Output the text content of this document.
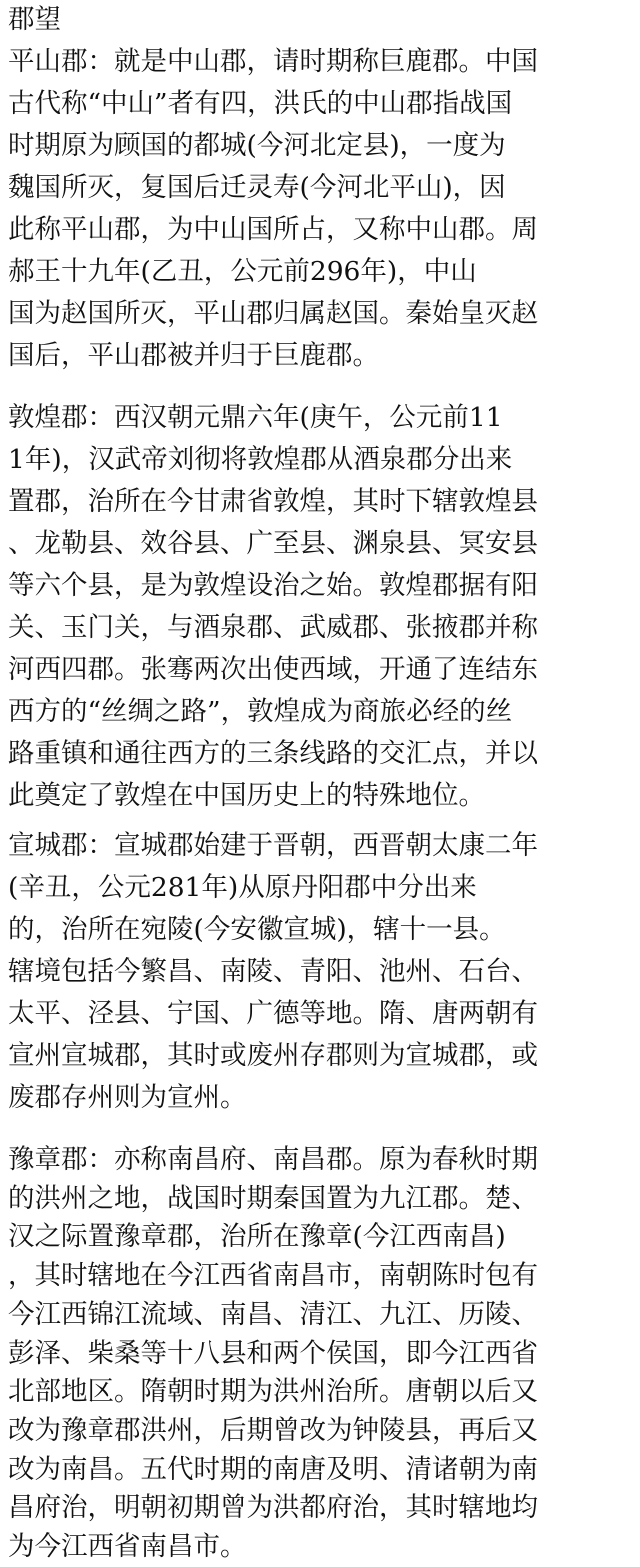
郡望
平山郡：就是中山郡，请时期称巨鹿郡。中国
古代称“中山”者有四，洪氏的中山郡指战国
时期原为顾国的都城(今河北定县)，一度为
魏国所灭，复国后迁灵寿(今河北平山)，因
此称平山郡，为中山国所占，又称中山郡。周
郝王十九年(乙丑，公元前296年)，中山
国为赵国所灭，平山郡归属赵国。秦始皇灭赵
国后，平山郡被并归于巨鹿郡。
敦煌郡：西汉朝元鼎六年(庚午，公元前11
1年)，汉武帝刘彻将敦煌郡从酒泉郡分出来
置郡，治所在今甘肃省敦煌，其时下辖敦煌县
、龙勒县、效谷县、广至县、渊泉县、冥安县
等六个县，是为敦煌设治之始。敦煌郡据有阳
关、玉门关，与酒泉郡、武威郡、张掖郡并称
河西四郡。张骞两次出使西域，开通了连结东
西方的“丝绸之路”，敦煌成为商旅必经的丝
路重镇和通往西方的三条线路的交汇点，并以
此奠定了敦煌在中国历史上的特殊地位。
宣城郡：宣城郡始建于晋朝，西晋朝太康二年
(辛丑，公元281年)从原丹阳郡中分出来
的，治所在宛陵(今安徽宣城)，辖十一县。
辖境包括今繁昌、南陵、青阳、池州、石台、
太平、泾县、宁国、广德等地。隋、唐两朝有
宣州宣城郡，其时或废州存郡则为宣城郡，或
废郡存州则为宣州。
豫章郡：亦称南昌府、南昌郡。原为春秋时期
的洪州之地，战国时期秦国置为九江郡。楚、
汉之际置豫章郡，治所在豫章(今江西南昌)
，其时辖地在今江西省南昌市，南朝陈时包有
今江西锦江流域、南昌、清江、九江、历陵、
彭泽、柴桑等十八县和两个侯国，即今江西省
北部地区。隋朝时期为洪州治所。唐朝以后又
改为豫章郡洪州，后期曾改为钟陵县，再后又
改为南昌。五代时期的南唐及明、清诸朝为南
昌府治，明朝初期曾为洪都府治，其时辖地均
为今江西省南昌市。
